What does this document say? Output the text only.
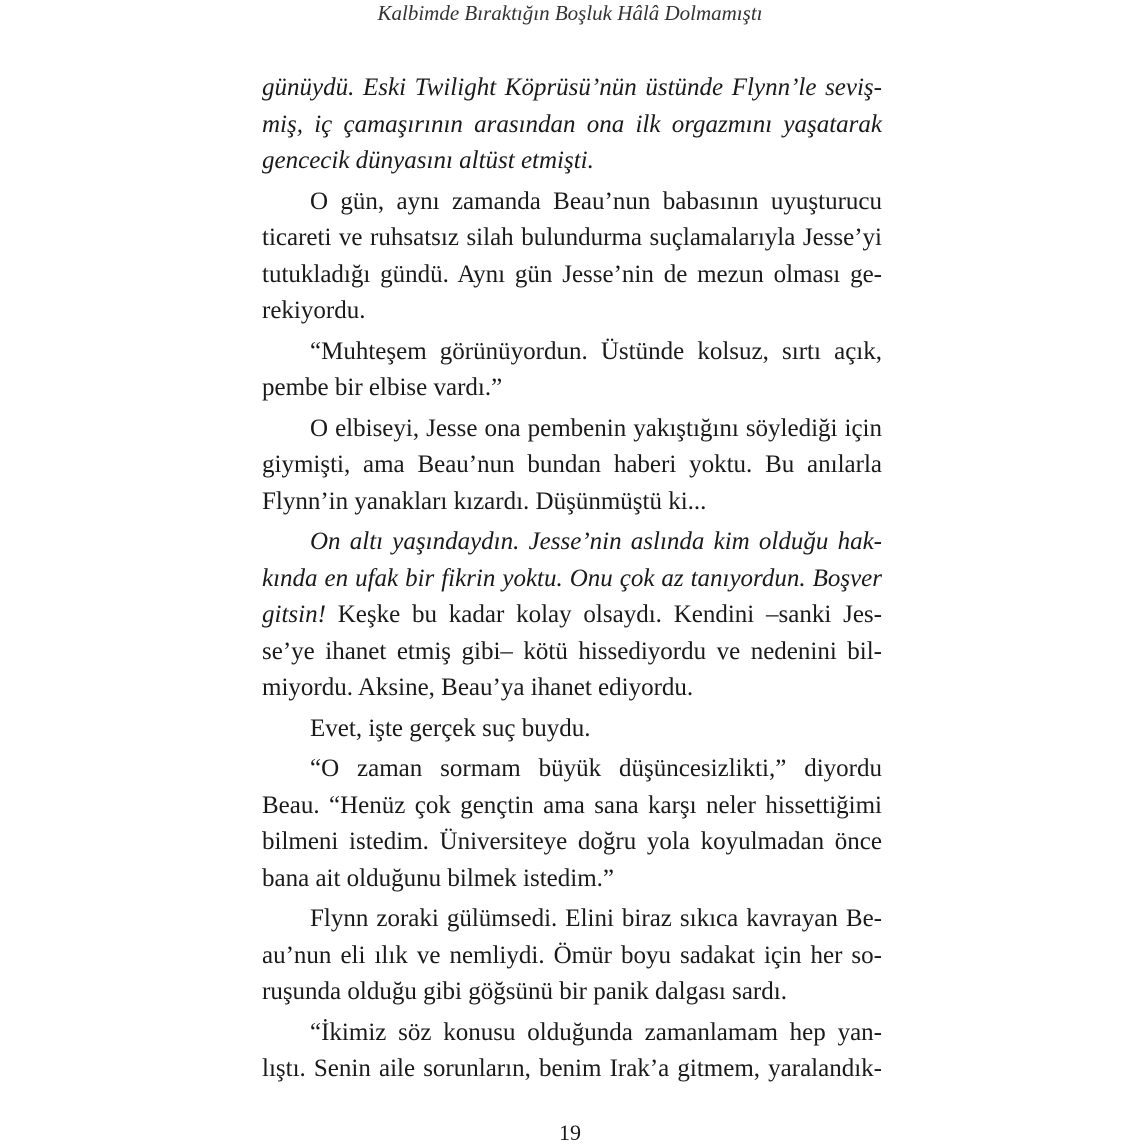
Kalbimde Bıraktığın Boşluk Hâlâ Dolmamıştı
günüydü. Eski Twilight Köprüsü’nün üstünde Flynn’le seviş-
miş, iç çamaşırının arasından ona ilk orgazmını yaşatarak
gencecik dünyasını altüst etmişti.
O gün, aynı zamanda Beau’nun babasının uyuşturucu
ticareti ve ruhsatsız silah bulundurma suçlamalarıyla Jesse’yi
tutukladığı gündü. Aynı gün Jesse’nin de mezun olması ge-
rekiyordu.
“Muhteşem görünüyordun. Üstünde kolsuz, sırtı açık,
pembe bir elbise vardı.”
O elbiseyi, Jesse ona pembenin yakıştığını söylediği için
giymişti, ama Beau’nun bundan haberi yoktu. Bu anılarla
Flynn’in yanakları kızardı. Düşünmüştü ki...
On altı yaşındaydın. Jesse’nin aslında kim olduğu hak-
kında en ufak bir fikrin yoktu. Onu çok az tanıyordun. Boşver
gitsin! Keşke bu kadar kolay olsaydı. Kendini –sanki Jes-
se’ye ihanet etmiş gibi– kötü hissediyordu ve nedenini bil-
miyordu. Aksine, Beau’ya ihanet ediyordu.
Evet, işte gerçek suç buydu.
“O zaman sormam büyük düşüncesizlikti,” diyordu
Beau. “Henüz çok gençtin ama sana karşı neler hissettiğimi
bilmeni istedim. Üniversiteye doğru yola koyulmadan önce
bana ait olduğunu bilmek istedim.”
Flynn zoraki gülümsedi. Elini biraz sıkıca kavrayan Be-
au’nun eli ılık ve nemliydi. Ömür boyu sadakat için her so-
ruşunda olduğu gibi göğsünü bir panik dalgası sardı.
“İkimiz söz konusu olduğunda zamanlamam hep yan-
lıştı. Senin aile sorunların, benim Irak’a gitmem, yaralandık-
19
